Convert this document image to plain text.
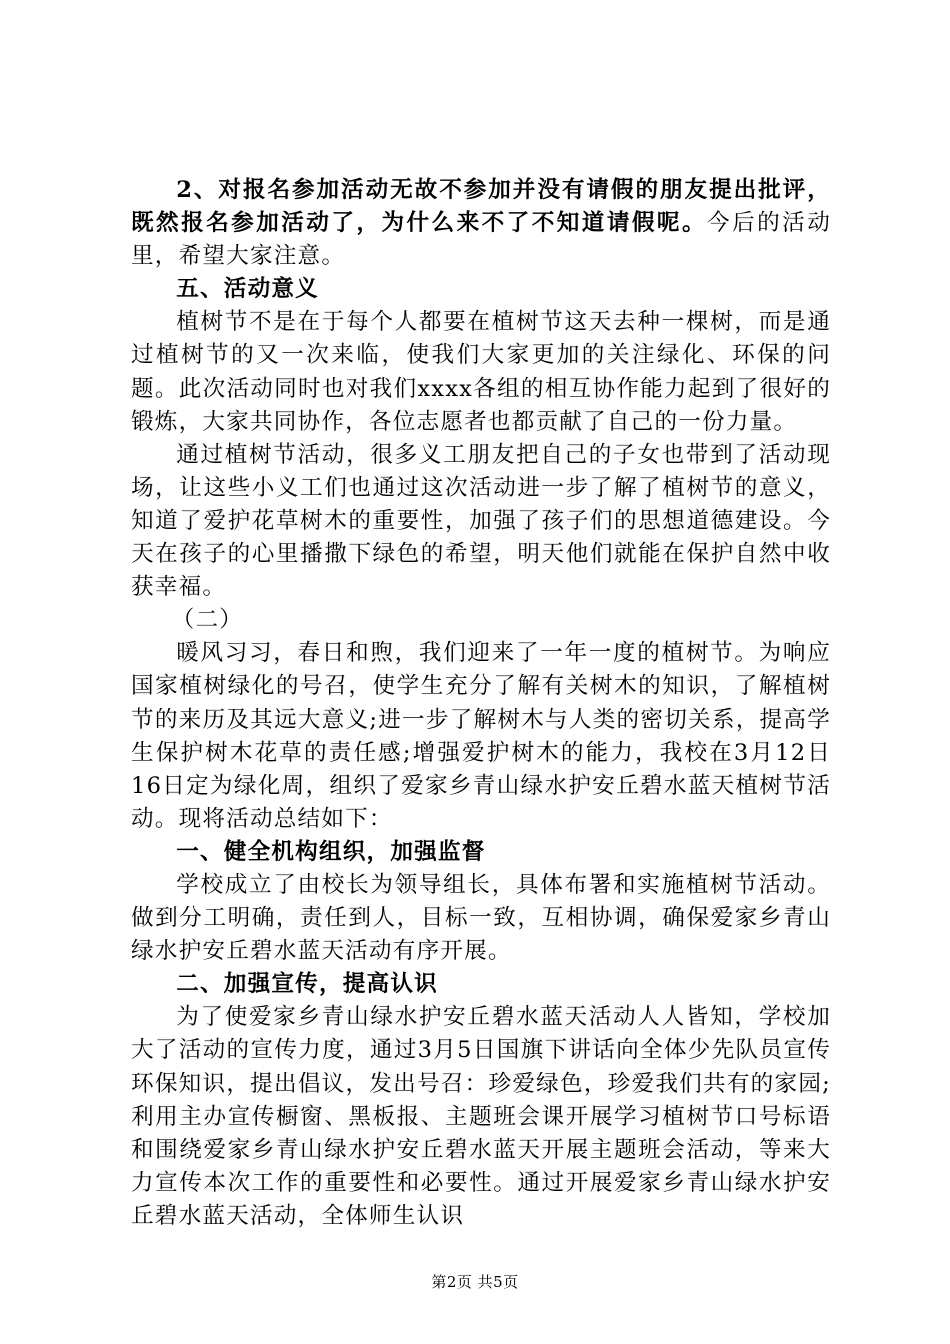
2、对报名参加活动无故不参加并没有请假的朋友提出批评，既然报名参加活动了，为什么来不了不知道请假呢。今后的活动里，希望大家注意。

五、活动意义

植树节不是在于每个人都要在植树节这天去种一棵树，而是通过植树节的又一次来临，使我们大家更加的关注绿化、环保的问题。此次活动同时也对我们xxxx各组的相互协作能力起到了很好的锻炼，大家共同协作，各位志愿者也都贡献了自己的一份力量。

通过植树节活动，很多义工朋友把自己的子女也带到了活动现场，让这些小义工们也通过这次活动进一步了解了植树节的意义，知道了爱护花草树木的重要性，加强了孩子们的思想道德建设。今天在孩子的心里播撒下绿色的希望，明天他们就能在保护自然中收获幸福。

（二）

暖风习习，春日和煦，我们迎来了一年一度的植树节。为响应国家植树绿化的号召，使学生充分了解有关树木的知识，了解植树节的来历及其远大意义;进一步了解树木与人类的密切关系，提高学生保护树木花草的责任感;增强爱护树木的能力，我校在3月12日16日定为绿化周，组织了爱家乡青山绿水护安丘碧水蓝天植树节活动。现将活动总结如下：

一、健全机构组织，加强监督

学校成立了由校长为领导组长，具体布署和实施植树节活动。做到分工明确，责任到人，目标一致，互相协调，确保爱家乡青山绿水护安丘碧水蓝天活动有序开展。

二、加强宣传，提高认识

为了使爱家乡青山绿水护安丘碧水蓝天活动人人皆知，学校加大了活动的宣传力度，通过3月5日国旗下讲话向全体少先队员宣传环保知识，提出倡议，发出号召：珍爱绿色，珍爱我们共有的家园;利用主办宣传橱窗、黑板报、主题班会课开展学习植树节口号标语和围绕爱家乡青山绿水护安丘碧水蓝天开展主题班会活动，等来大力宣传本次工作的重要性和必要性。通过开展爱家乡青山绿水护安丘碧水蓝天活动，全体师生认识

第2页 共5页
